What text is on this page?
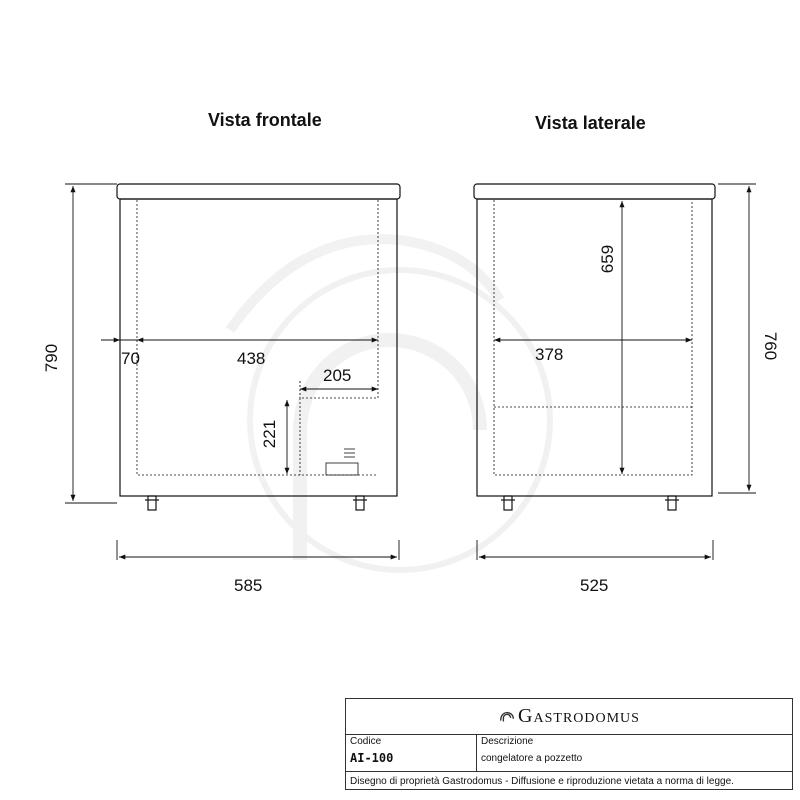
Vista frontale	Vista laterale
790
585
70	438
205
221
760
525
378
659
Gastrodomus
Codice
AI-100
Descrizione
congelatore a pozzetto
Disegno di proprietà Gastrodomus - Diffusione e riproduzione vietata a norma di legge.
